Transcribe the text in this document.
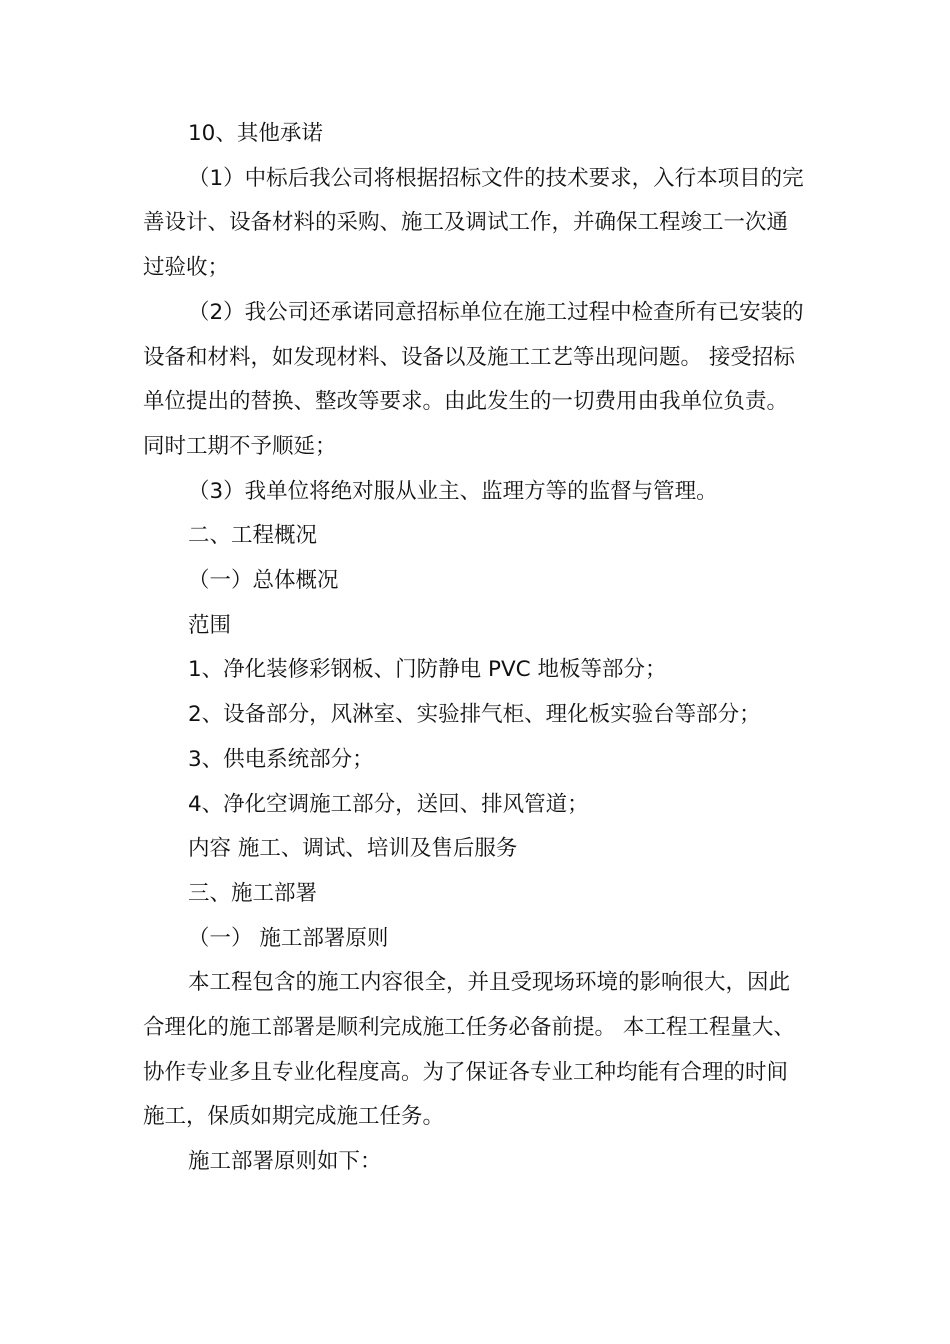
10、其他承诺

（1）中标后我公司将根据招标文件的技术要求，入行本项目的完善设计、设备材料的采购、施工及调试工作，并确保工程竣工一次通过验收；

（2）我公司还承诺同意招标单位在施工过程中检查所有已安装的设备和材料，如发现材料、设备以及施工工艺等出现问题。 接受招标单位提出的替换、整改等要求。由此发生的一切费用由我单位负责。同时工期不予顺延；

（3）我单位将绝对服从业主、监理方等的监督与管理。

二、工程概况

（一）总体概况

范围

1、净化装修彩钢板、门防静电 PVC 地板等部分；

2、设备部分，风淋室、实验排气柜、理化板实验台等部分；

3、供电系统部分；

4、净化空调施工部分，送回、排风管道；

内容 施工、调试、培训及售后服务

三、施工部署

（一） 施工部署原则

本工程包含的施工内容很全，并且受现场环境的影响很大，因此合理化的施工部署是顺利完成施工任务必备前提。 本工程工程量大、协作专业多且专业化程度高。为了保证各专业工种均能有合理的时间施工，保质如期完成施工任务。

施工部署原则如下：
